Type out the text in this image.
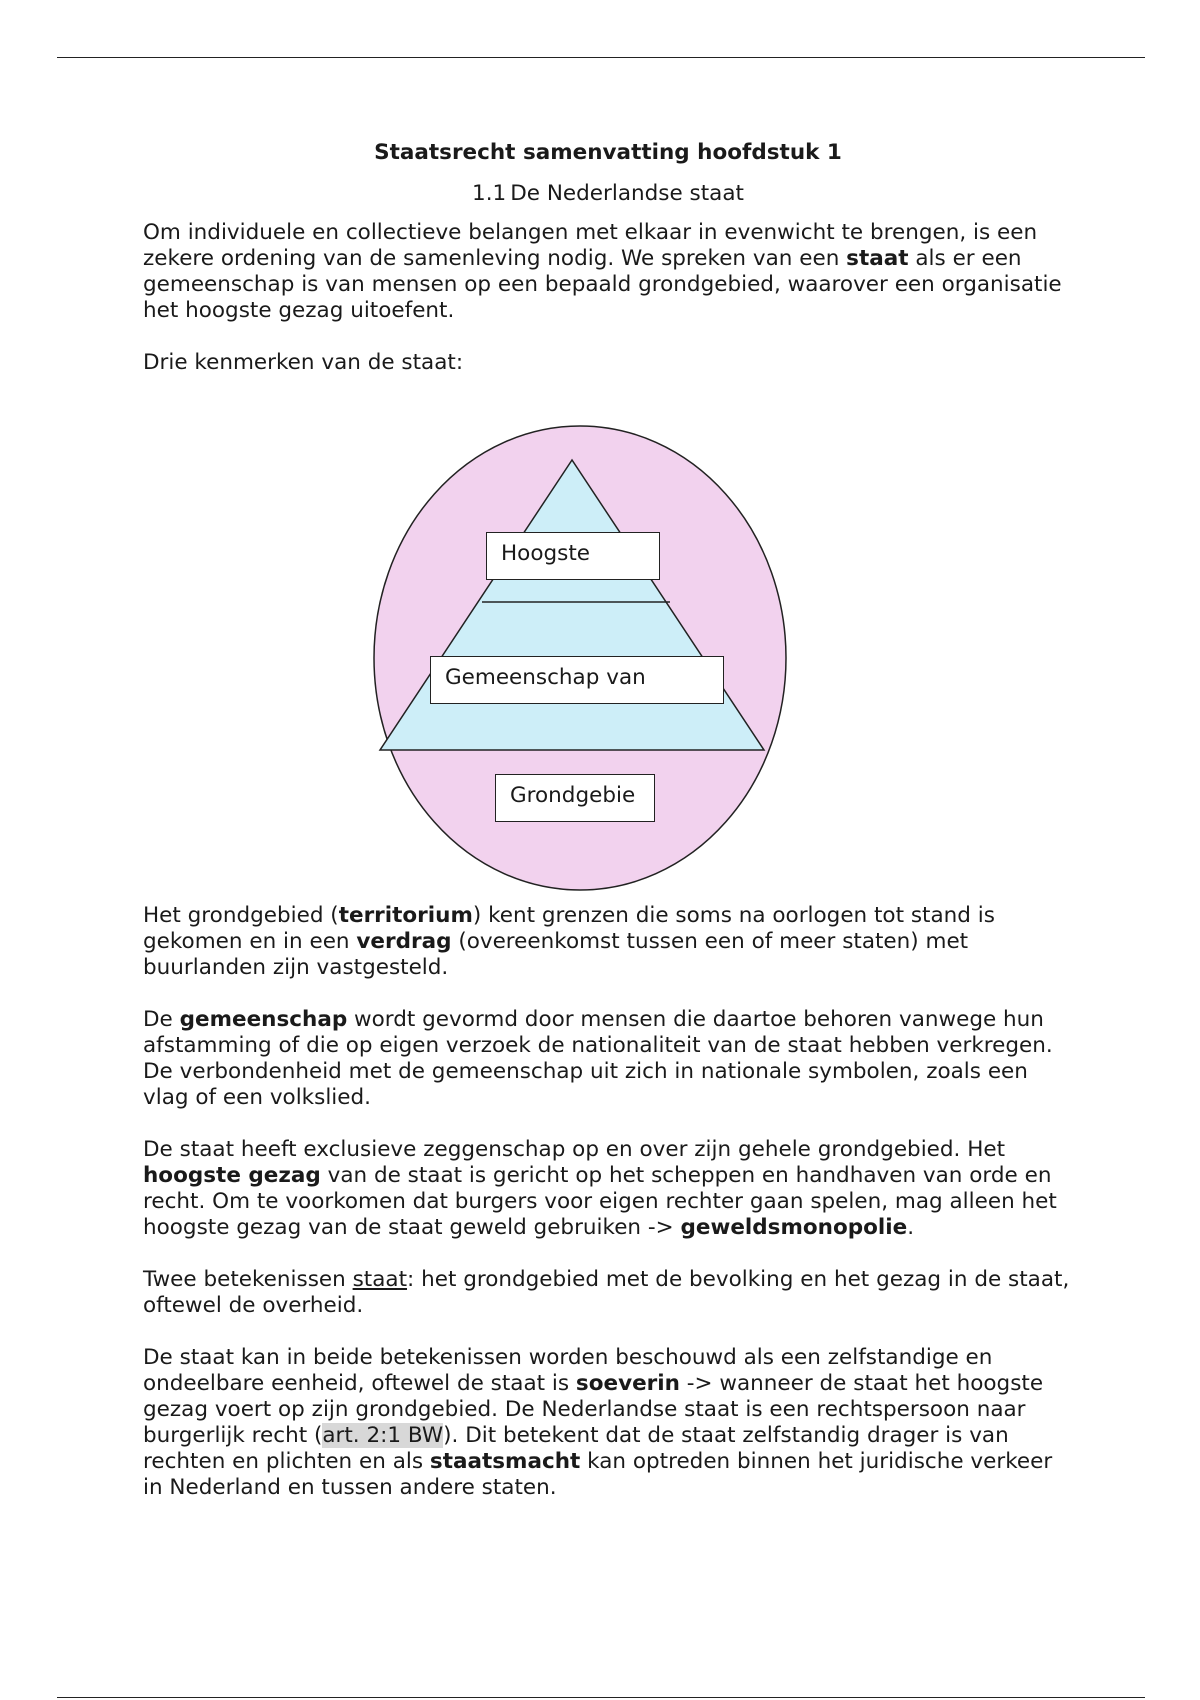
Staatsrecht samenvatting hoofdstuk 1
1.1 De Nederlandse staat

Om individuele en collectieve belangen met elkaar in evenwicht te brengen, is een zekere ordening van de samenleving nodig. We spreken van een staat als er een gemeenschap is van mensen op een bepaald grondgebied, waarover een organisatie het hoogste gezag uitoefent.

Drie kenmerken van de staat:

Hoogste
Gemeenschap van
Grondgebie

Het grondgebied (territorium) kent grenzen die soms na oorlogen tot stand is gekomen en in een verdrag (overeenkomst tussen een of meer staten) met buurlanden zijn vastgesteld.

De gemeenschap wordt gevormd door mensen die daartoe behoren vanwege hun afstamming of die op eigen verzoek de nationaliteit van de staat hebben verkregen. De verbondenheid met de gemeenschap uit zich in nationale symbolen, zoals een vlag of een volkslied.

De staat heeft exclusieve zeggenschap op en over zijn gehele grondgebied. Het hoogste gezag van de staat is gericht op het scheppen en handhaven van orde en recht. Om te voorkomen dat burgers voor eigen rechter gaan spelen, mag alleen het hoogste gezag van de staat geweld gebruiken -> geweldsmonopolie.

Twee betekenissen staat: het grondgebied met de bevolking en het gezag in de staat, oftewel de overheid.

De staat kan in beide betekenissen worden beschouwd als een zelfstandige en ondeelbare eenheid, oftewel de staat is soeverin -> wanneer de staat het hoogste gezag voert op zijn grondgebied. De Nederlandse staat is een rechtspersoon naar burgerlijk recht (art. 2:1 BW). Dit betekent dat de staat zelfstandig drager is van rechten en plichten en als staatsmacht kan optreden binnen het juridische verkeer in Nederland en tussen andere staten.
